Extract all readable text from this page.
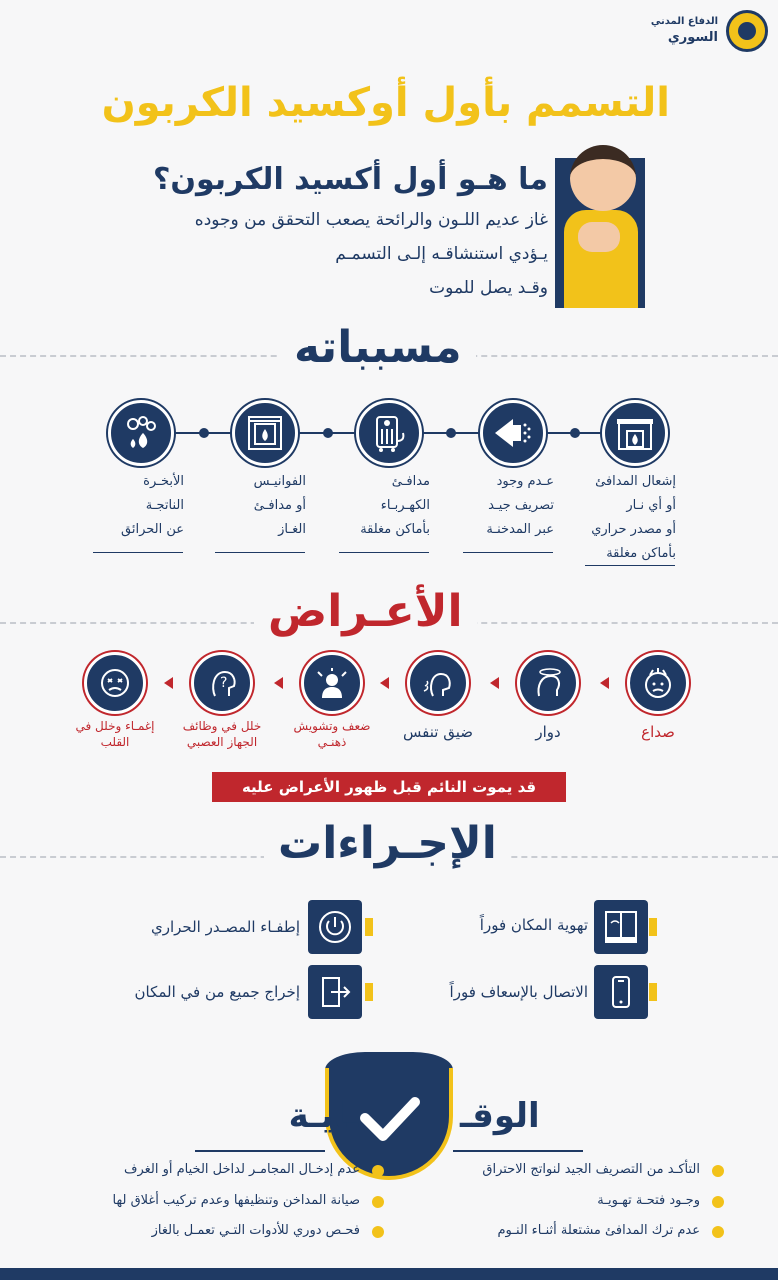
الدفاع المدني
السوري
التسمم بأول أوكسيد الكربون
ما هـو أول أكسيد الكربون؟
غاز عديم اللـون والرائحة يصعب التحقق من وجوده
يـؤدي استنشاقـه إلـى التسمـم
وقـد يصل للموت
مسبباته
إشعال المدافئ
أو أي نـار
أو مصدر حراري
بأماكن مغلقة
عـدم وجود
تصريف جيـد
عبر المدخنـة
مدافـئ
الكهـربـاء
بأماكن مغلقة
الفوانيـس
أو مدافـئ
الغـاز
الأبخـرة
الناتجـة
عن الحرائق
الأعـراض
?
صداع
دوار
ضيق تنفس
ضعف وتشويش ذهنـي
خلل في وظائف الجهاز العصبي
إغمـاء وخلل في القلب
قد يموت النائم قبل ظهور الأعراض عليه
الإجـراءات
تهوية المكان فوراً
إطفـاء المصـدر الحراري
الاتصال بالإسعاف فوراً
إخراج جميع من في المكان
الوقـ
ـايـة
التأكـد من التصريف الجيد لنواتج الاحتراق
وجـود فتحـة تهـويـة
عدم ترك المدافئ مشتعلة أثنـاء النـوم
عدم إدخـال المجامـر لداخل الخيام أو الغرف
صيانة المداخن وتنظيفها وعدم تركيب أغلاق لها
فحـص دوري للأدوات التـي تعمـل بالغاز
